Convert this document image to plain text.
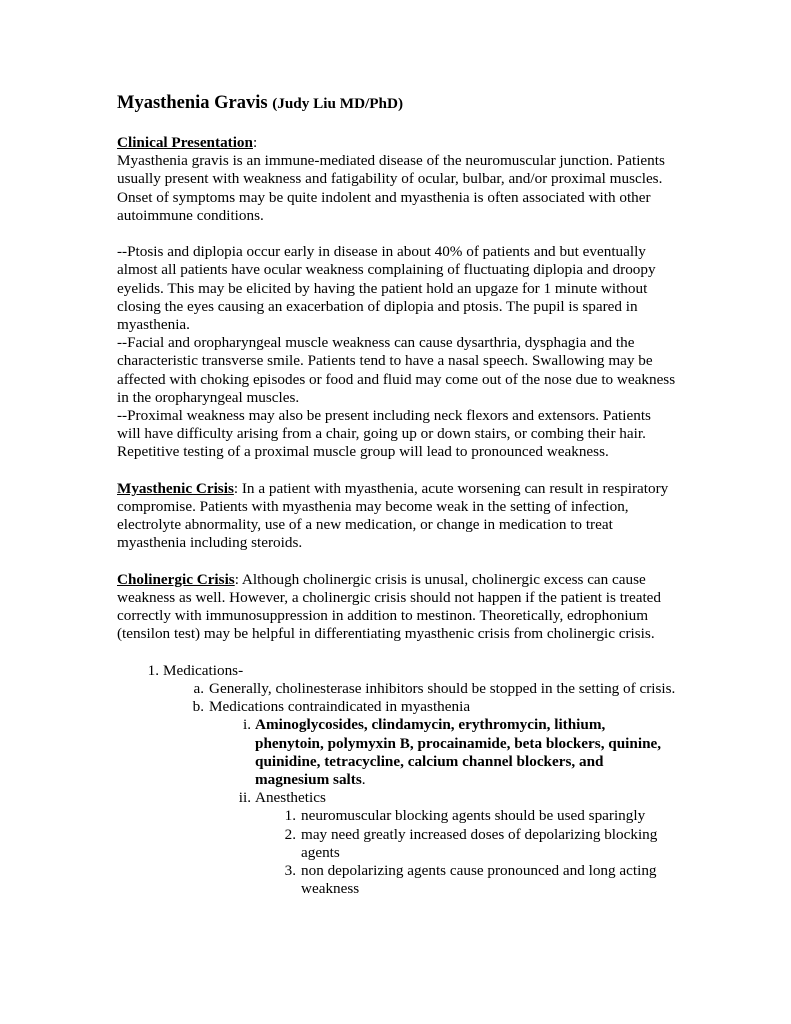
Myasthenia Gravis (Judy Liu MD/PhD)

Clinical Presentation:

Myasthenia gravis is an immune-mediated disease of the neuromuscular junction. Patients usually present with weakness and fatigability of ocular, bulbar, and/or proximal muscles. Onset of symptoms may be quite indolent and myasthenia is often associated with other autoimmune conditions.

--Ptosis and diplopia occur early in disease in about 40% of patients and but eventually almost all patients have ocular weakness complaining of fluctuating diplopia and droopy eyelids. This may be elicited by having the patient hold an upgaze for 1 minute without closing the eyes causing an exacerbation of diplopia and ptosis. The pupil is spared in myasthenia.

--Facial and oropharyngeal muscle weakness can cause dysarthria, dysphagia and the characteristic transverse smile. Patients tend to have a nasal speech. Swallowing may be affected with choking episodes or food and fluid may come out of the nose due to weakness in the oropharyngeal muscles.

--Proximal weakness may also be present including neck flexors and extensors. Patients will have difficulty arising from a chair, going up or down stairs, or combing their hair. Repetitive testing of a proximal muscle group will lead to pronounced weakness.

Myasthenic Crisis: In a patient with myasthenia, acute worsening can result in respiratory compromise. Patients with myasthenia may become weak in the setting of infection, electrolyte abnormality, use of a new medication, or change in medication to treat myasthenia including steroids.

Cholinergic Crisis: Although cholinergic crisis is unusal, cholinergic excess can cause weakness as well. However, a cholinergic crisis should not happen if the patient is treated correctly with immunosuppression in addition to mestinon. Theoretically, edrophonium (tensilon test) may be helpful in differentiating myasthenic crisis from cholinergic crisis.

1. Medications-
a. Generally, cholinesterase inhibitors should be stopped in the setting of crisis.
b. Medications contraindicated in myasthenia
i. Aminoglycosides, clindamycin, erythromycin, lithium, phenytoin, polymyxin B, procainamide, beta blockers, quinine, quinidine, tetracycline, calcium channel blockers, and magnesium salts.
ii. Anesthetics
1. neuromuscular blocking agents should be used sparingly
2. may need greatly increased doses of depolarizing blocking agents
3. non depolarizing agents cause pronounced and long acting weakness
